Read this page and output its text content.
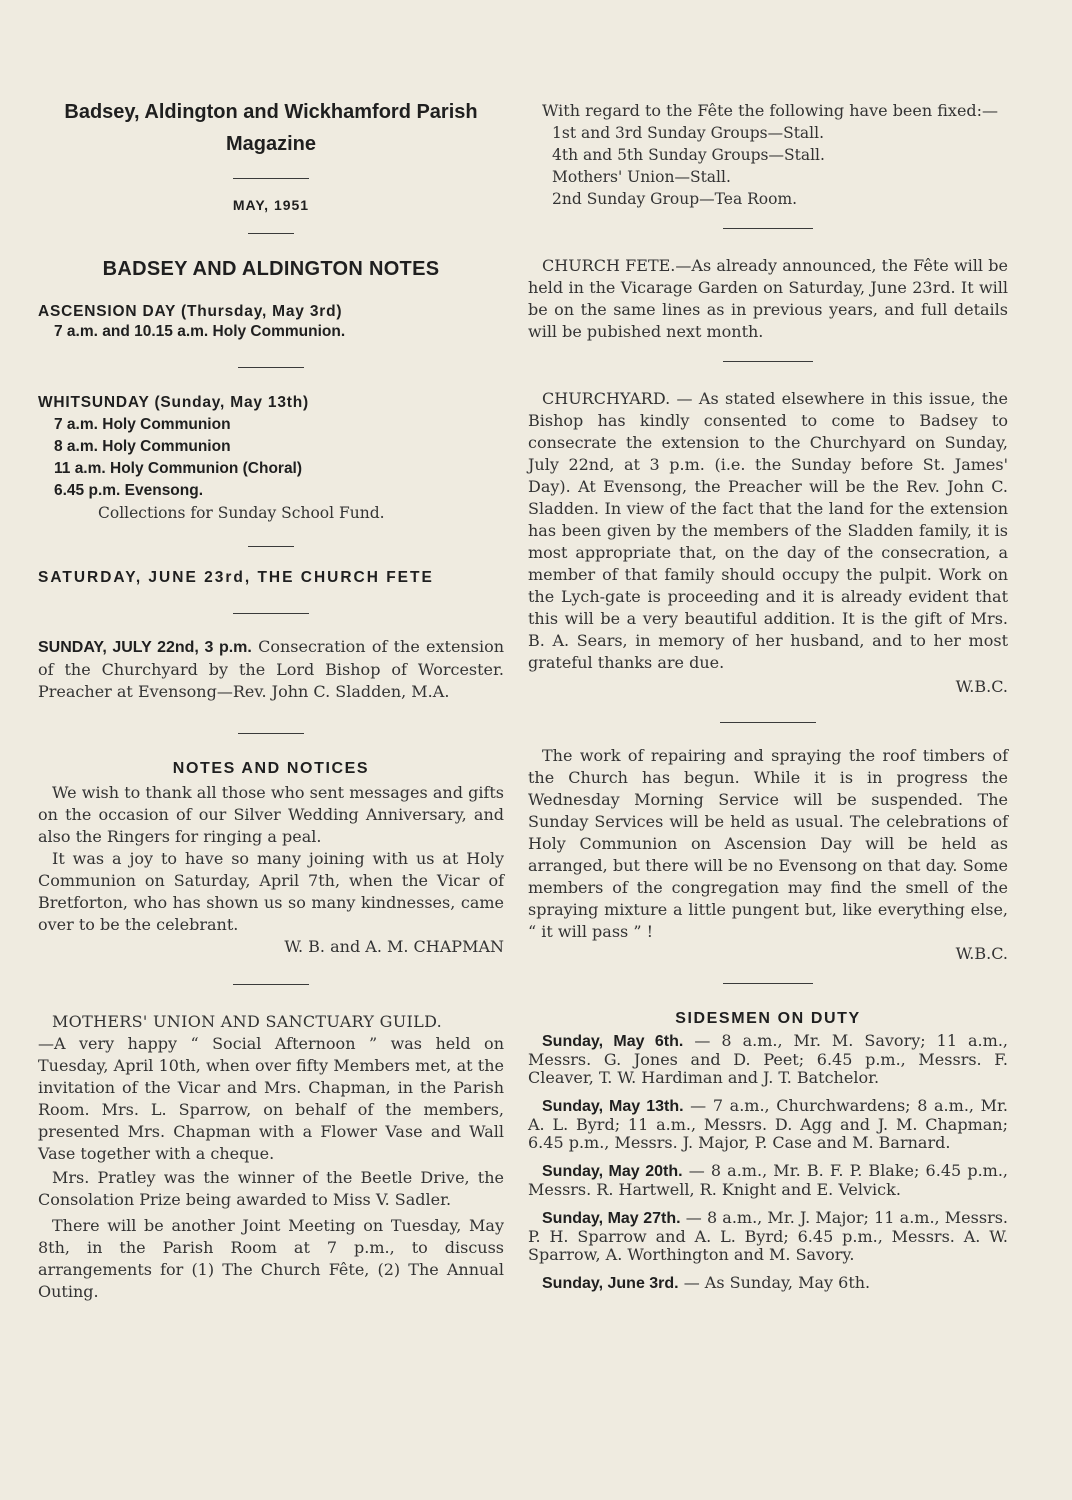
Badsey, Aldington and Wickhamford Parish
Magazine
MAY, 1951
BADSEY AND ALDINGTON NOTES
ASCENSION DAY (Thursday, May 3rd)
7 a.m. and 10.15 a.m. Holy Communion.
WHITSUNDAY (Sunday, May 13th)
7 a.m. Holy Communion
8 a.m. Holy Communion
11 a.m. Holy Communion (Choral)
6.45 p.m. Evensong.
Collections for Sunday School Fund.
SATURDAY, JUNE 23rd, THE CHURCH FETE

SUNDAY, JULY 22nd, 3 p.m. Consecration of the extension of the Churchyard by the Lord Bishop of Worcester. Preacher at Evensong—Rev. John C. Sladden, M.A.

NOTES AND NOTICES

We wish to thank all those who sent messages and gifts on the occasion of our Silver Wedding Anniversary, and also the Ringers for ringing a peal.

It was a joy to have so many joining with us at Holy Communion on Saturday, April 7th, when the Vicar of Bretforton, who has shown us so many kindnesses, came over to be the celebrant.

W. B. and A. M. CHAPMAN
MOTHERS' UNION AND SANCTUARY GUILD.

—A very happy “ Social Afternoon ” was held on Tuesday, April 10th, when over fifty Members met, at the invitation of the Vicar and Mrs. Chapman, in the Parish Room. Mrs. L. Sparrow, on behalf of the members, presented Mrs. Chapman with a Flower Vase and Wall Vase together with a cheque.

Mrs. Pratley was the winner of the Beetle Drive, the Consolation Prize being awarded to Miss V. Sadler.

There will be another Joint Meeting on Tuesday, May 8th, in the Parish Room at 7 p.m., to discuss arrangements for (1) The Church Fête, (2) The Annual Outing.

With regard to the Fête the following have been fixed:—

1st and 3rd Sunday Groups—Stall.
4th and 5th Sunday Groups—Stall.
Mothers' Union—Stall.
2nd Sunday Group—Tea Room.

CHURCH FETE.—As already announced, the Fête will be held in the Vicarage Garden on Saturday, June 23rd. It will be on the same lines as in previous years, and full details will be pubished next month.

CHURCHYARD. — As stated elsewhere in this issue, the Bishop has kindly consented to come to Badsey to consecrate the extension to the Churchyard on Sunday, July 22nd, at 3 p.m. (i.e. the Sunday before St. James' Day). At Evensong, the Preacher will be the Rev. John C. Sladden. In view of the fact that the land for the extension has been given by the members of the Sladden family, it is most appropriate that, on the day of the consecration, a member of that family should occupy the pulpit. Work on the Lych-gate is proceeding and it is already evident that this will be a very beautiful addition. It is the gift of Mrs. B. A. Sears, in memory of her husband, and to her most grateful thanks are due.

W.B.C.

The work of repairing and spraying the roof timbers of the Church has begun. While it is in progress the Wednesday Morning Service will be suspended. The Sunday Services will be held as usual. The celebrations of Holy Communion on Ascension Day will be held as arranged, but there will be no Evensong on that day. Some members of the congregation may find the smell of the spraying mixture a little pungent but, like everything else, “ it will pass ” !

W.B.C.
SIDESMEN ON DUTY

Sunday, May 6th. — 8 a.m., Mr. M. Savory; 11 a.m., Messrs. G. Jones and D. Peet; 6.45 p.m., Messrs. F. Cleaver, T. W. Hardiman and J. T. Batchelor.

Sunday, May 13th. — 7 a.m., Churchwardens; 8 a.m., Mr. A. L. Byrd; 11 a.m., Messrs. D. Agg and J. M. Chapman; 6.45 p.m., Messrs. J. Major, P. Case and M. Barnard.

Sunday, May 20th. — 8 a.m., Mr. B. F. P. Blake; 6.45 p.m., Messrs. R. Hartwell, R. Knight and E. Velvick.

Sunday, May 27th. — 8 a.m., Mr. J. Major; 11 a.m., Messrs. P. H. Sparrow and A. L. Byrd; 6.45 p.m., Messrs. A. W. Sparrow, A. Worthington and M. Savory.

Sunday, June 3rd. — As Sunday, May 6th.
